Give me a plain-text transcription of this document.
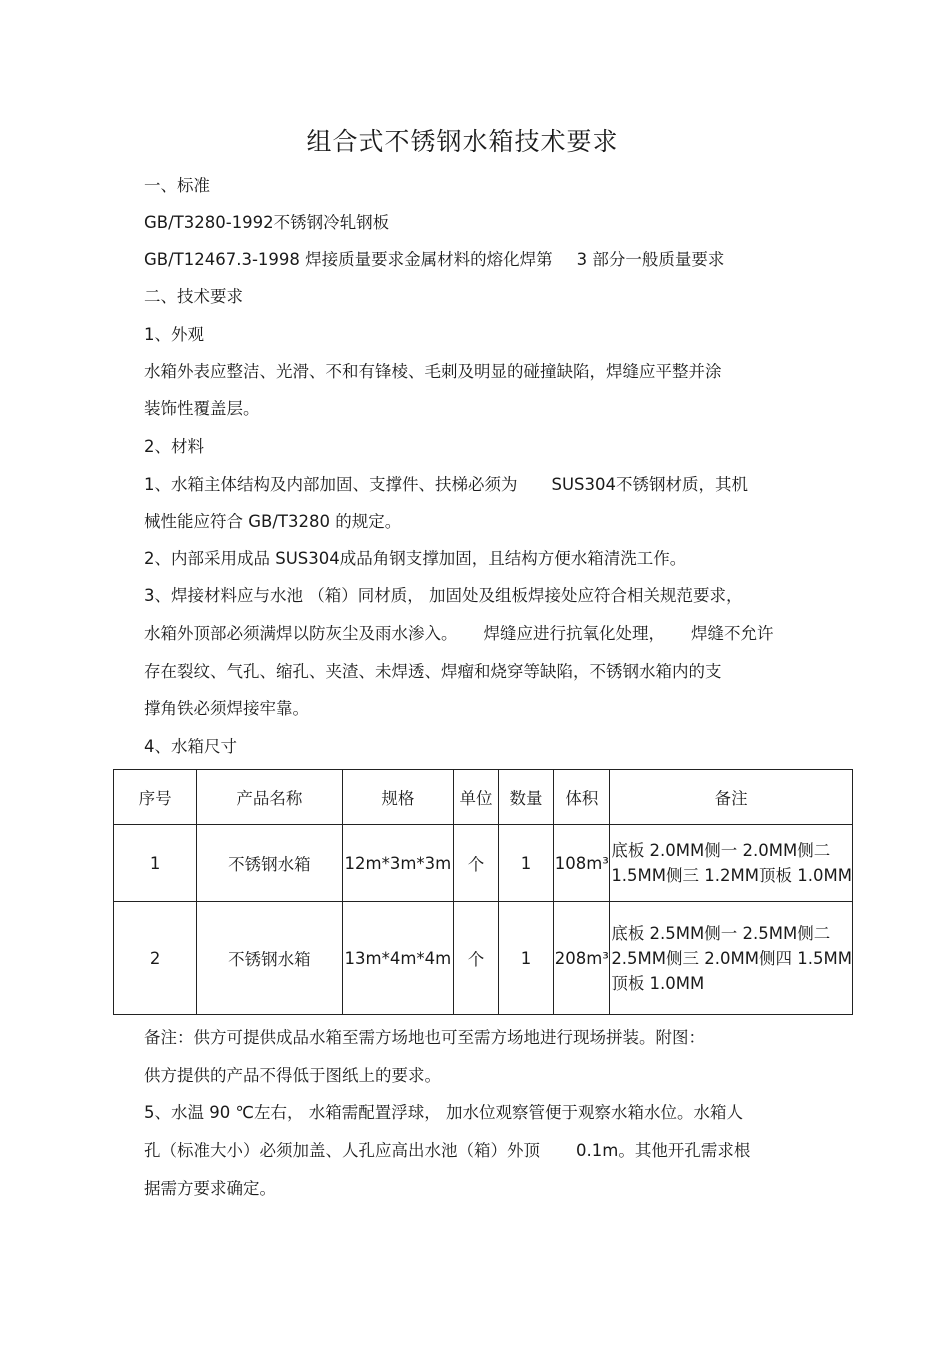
组合式不锈钢水箱技术要求
一、标准
GB/T3280-1992不锈钢冷轧钢板
GB/T12467.3-1998 焊接质量要求金属材料的熔化焊第 3 部分一般质量要求
二、技术要求
1、外观
水箱外表应整洁、光滑、不和有锋棱、毛刺及明显的碰撞缺陷，焊缝应平整并涂
装饰性覆盖层。
2、材料
1、水箱主体结构及内部加固、支撑件、扶梯必须为 SUS304不锈钢材质，其机
械性能应符合 GB/T3280 的规定。
2、内部采用成品 SUS304成品角钢支撑加固，且结构方便水箱清洗工作。
3、焊接材料应与水池 （箱）同材质， 加固处及组板焊接处应符合相关规范要求，
水箱外顶部必须满焊以防灰尘及雨水渗入。 焊缝应进行抗氧化处理， 焊缝不允许
存在裂纹、气孔、缩孔、夹渣、未焊透、焊瘤和烧穿等缺陷，不锈钢水箱内的支
撑角铁必须焊接牢靠。
4、水箱尺寸
序号	产品名称	规格	单位	数量	体积	备注
1	不锈钢水箱	12m*3m*3m	个	1	108m³	底板 2.0MM侧一 2.0MM侧二
1.5MM侧三 1.2MM顶板 1.0MM

2	不锈钢水箱	13m*4m*4m	个	1	208m³	底板 2.5MM侧一 2.5MM侧二
2.5MM侧三 2.0MM侧四 1.5MM
顶板 1.0MM
备注：供方可提供成品水箱至需方场地也可至需方场地进行现场拼装。附图：
供方提供的产品不得低于图纸上的要求。
5、水温 90 ℃左右， 水箱需配置浮球， 加水位观察管便于观察水箱水位。水箱人
孔（标准大小）必须加盖、人孔应高出水池（箱）外顶 0.1m。其他开孔需求根
据需方要求确定。
